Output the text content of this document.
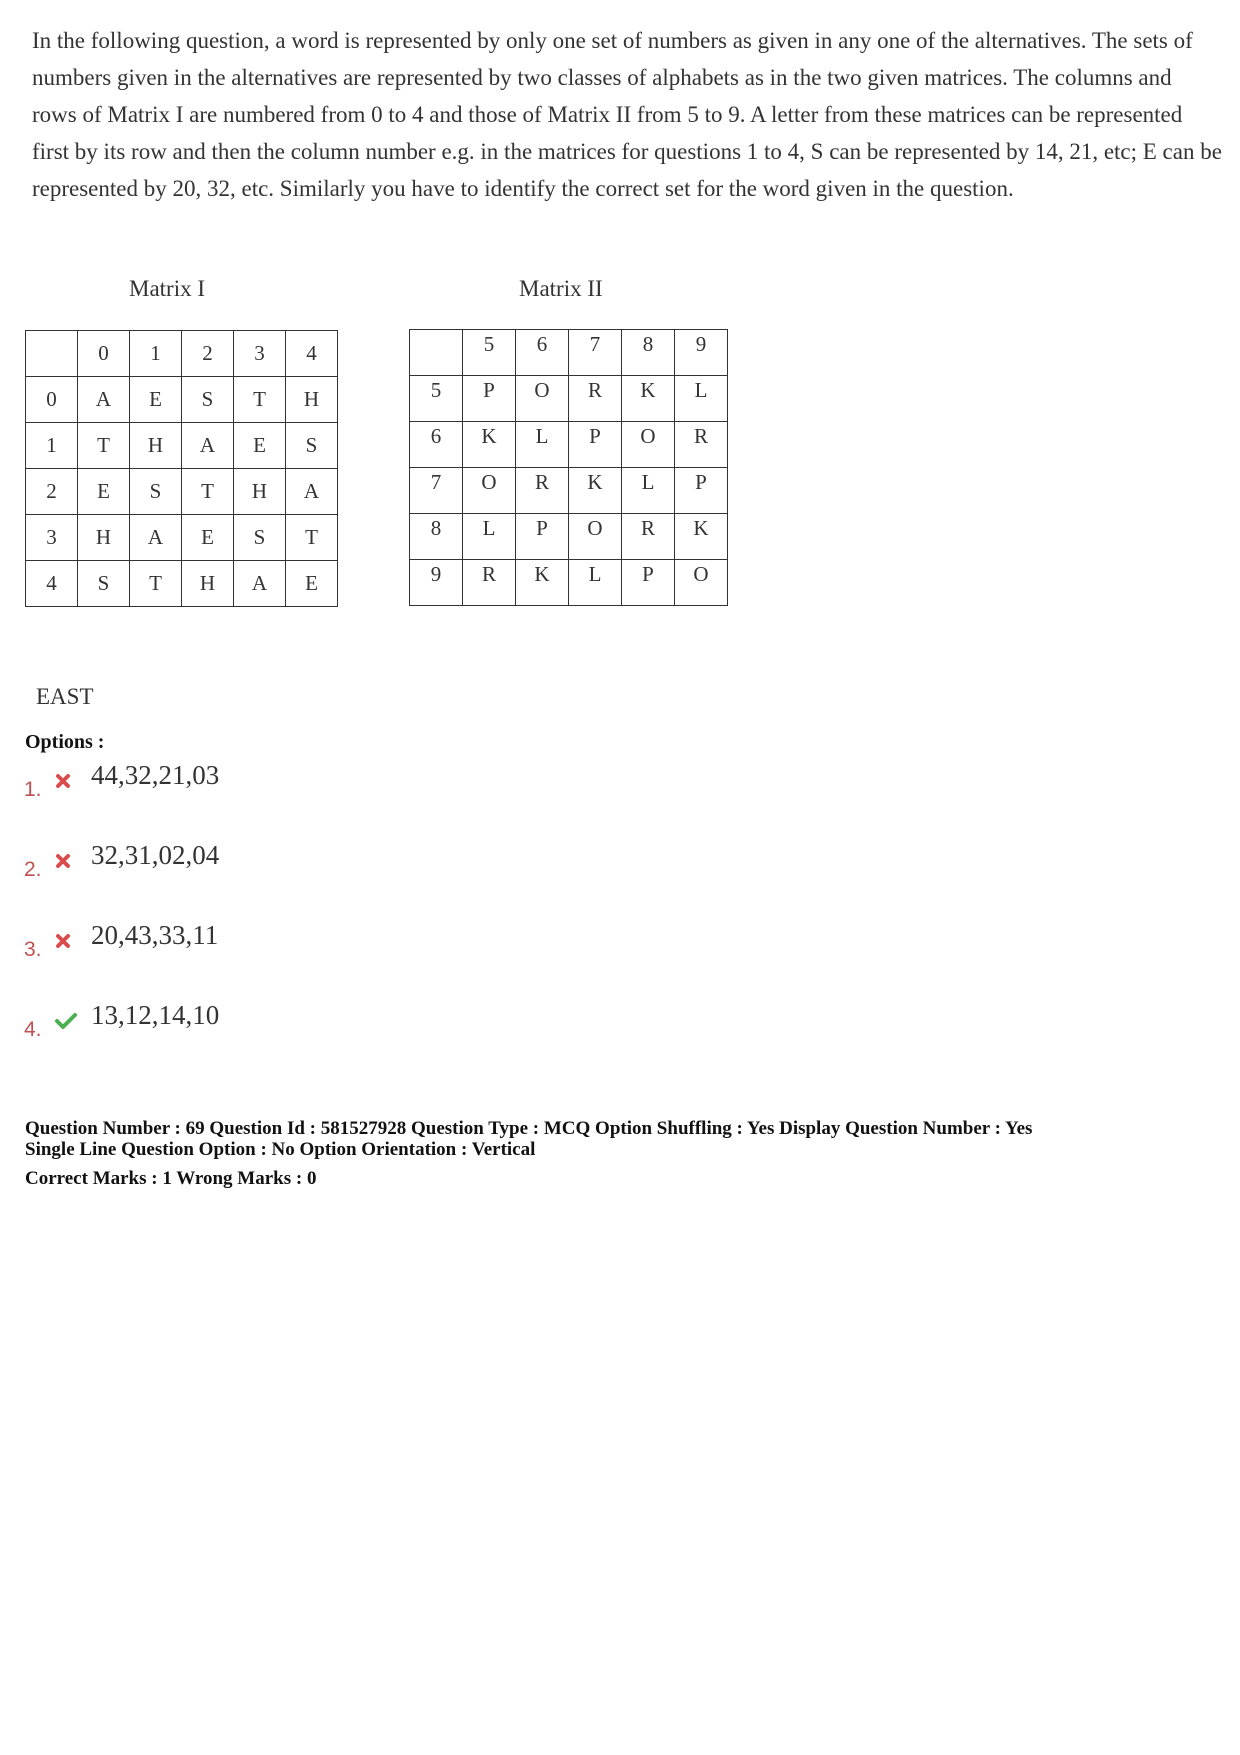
In the following question, a word is represented by only one set of numbers as given in any one of the alternatives. The sets of numbers given in the alternatives are represented by two classes of alphabets as in the two given matrices. The columns and rows of Matrix I are numbered from 0 to 4 and those of Matrix II from 5 to 9. A letter from these matrices can be represented first by its row and then the column number e.g. in the matrices for questions 1 to 4, S can be represented by 14, 21, etc; E can be represented by 20, 32, etc. Similarly you have to identify the correct set for the word given in the question.
Matrix I	Matrix II
	0	1	2	3	4
0	A	E	S	T	H
1	T	H	A	E	S
2	E	S	T	H	A
3	H	A	E	S	T
4	S	T	H	A	E
	5	6	7	8	9
5	P	O	R	K	L
6	K	L	P	O	R
7	O	R	K	L	P
8	L	P	O	R	K
9	R	K	L	P	O
EAST
Options :
1. 44,32,21,03
2. 32,31,02,04
3. 20,43,33,11
4. 13,12,14,10
Question Number : 69 Question Id : 581527928 Question Type : MCQ Option Shuffling : Yes Display Question Number : Yes
Single Line Question Option : No Option Orientation : Vertical
Correct Marks : 1 Wrong Marks : 0
